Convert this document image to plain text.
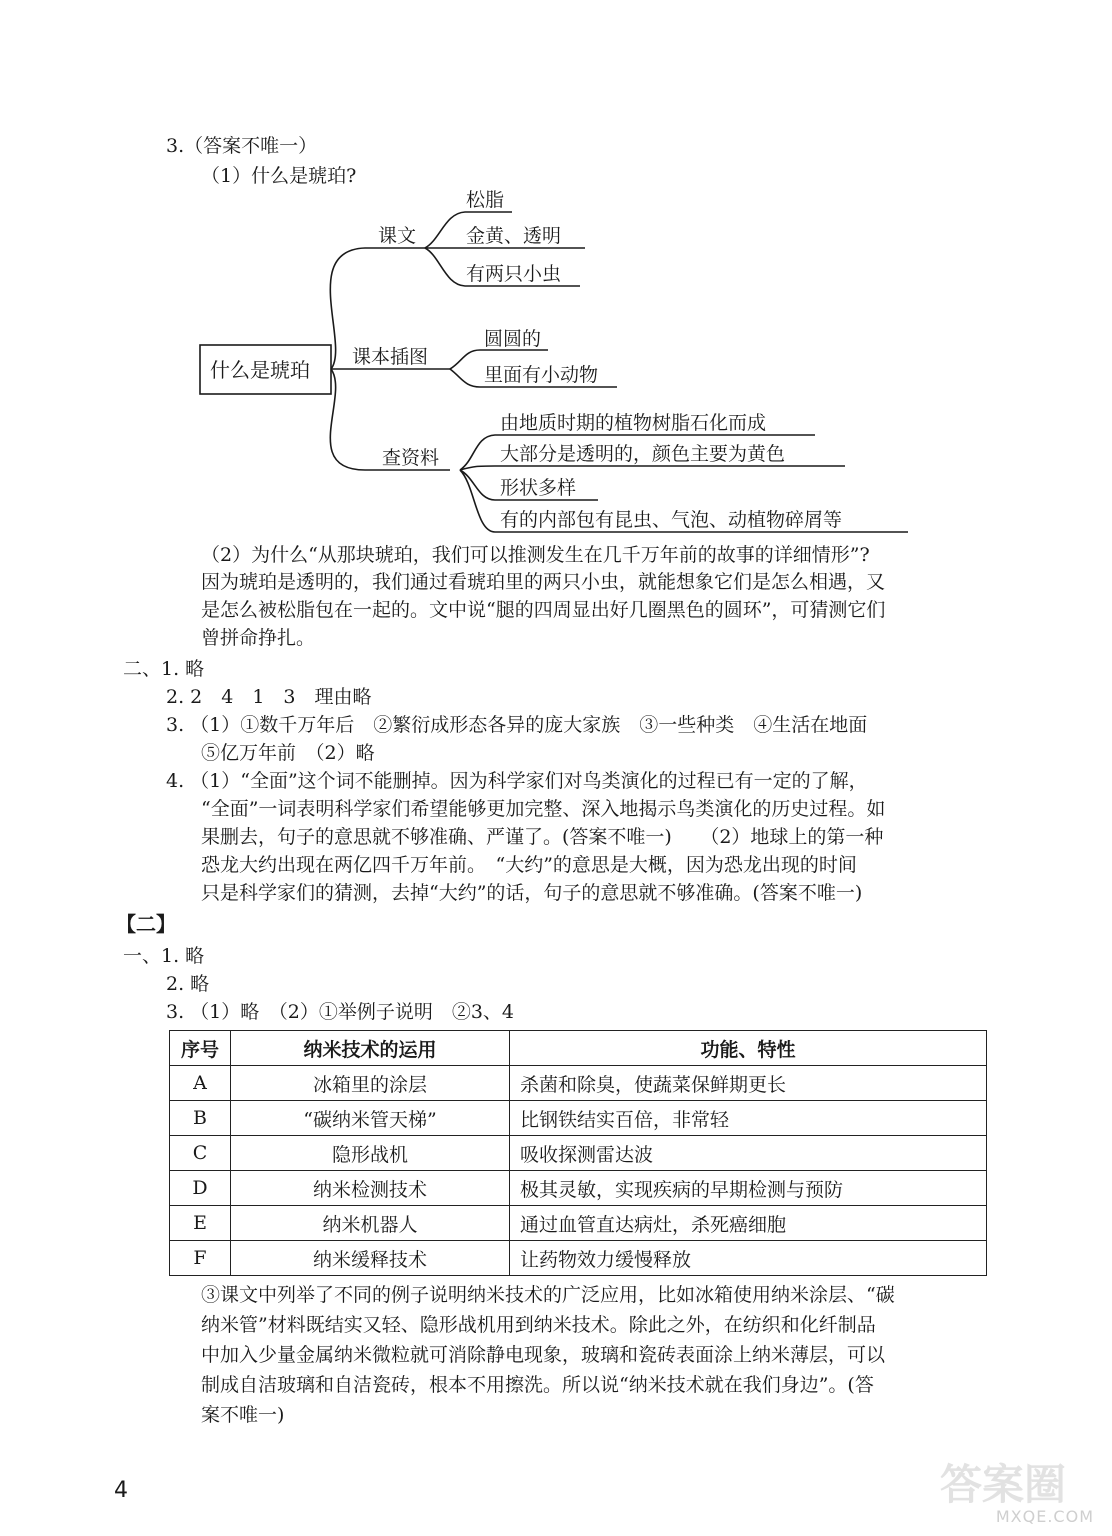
3.（答案不唯一）
（1）什么是琥珀?
什么是琥珀
课文
松脂
金黄、透明
有两只小虫
课本插图
圆圆的
里面有小动物
查资料
由地质时期的植物树脂石化而成
大部分是透明的，颜色主要为黄色
形状多样
有的内部包有昆虫、气泡、动植物碎屑等
（2）为什么“从那块琥珀，我们可以推测发生在几千万年前的故事的详细情形”?
因为琥珀是透明的，我们通过看琥珀里的两只小虫，就能想象它们是怎么相遇，又
是怎么被松脂包在一起的。文中说“腿的四周显出好几圈黑色的圆环”，可猜测它们
曾拼命挣扎。
二、1. 略
2. 2　4　1　3　理由略
3. （1）①数千万年后　②繁衍成形态各异的庞大家族　③一些种类　④生活在地面
⑤亿万年前　（2）略
4. （1）“全面”这个词不能删掉。因为科学家们对鸟类演化的过程已有一定的了解，
“全面”一词表明科学家们希望能够更加完整、深入地揭示鸟类演化的历史过程。如
果删去，句子的意思就不够准确、严谨了。(答案不唯一)　　（2）地球上的第一种
恐龙大约出现在两亿四千万年前。　“大约”的意思是大概，因为恐龙出现的时间
只是科学家们的猜测，去掉“大约”的话，句子的意思就不够准确。(答案不唯一)
【二】
一、1. 略
2. 略
3. （1）略　（2）①举例子说明　②3、4
序号	纳米技术的运用	功能、特性
A	冰箱里的涂层	杀菌和除臭，使蔬菜保鲜期更长
B	“碳纳米管天梯”	比钢铁结实百倍，非常轻
C	隐形战机	吸收探测雷达波
D	纳米检测技术	极其灵敏，实现疾病的早期检测与预防
E	纳米机器人	通过血管直达病灶，杀死癌细胞
F	纳米缓释技术	让药物效力缓慢释放
③课文中列举了不同的例子说明纳米技术的广泛应用，比如冰箱使用纳米涂层、“碳
纳米管”材料既结实又轻、隐形战机用到纳米技术。除此之外，在纺织和化纤制品
中加入少量金属纳米微粒就可消除静电现象，玻璃和瓷砖表面涂上纳米薄层，可以
制成自洁玻璃和自洁瓷砖，根本不用擦洗。所以说“纳米技术就在我们身边”。(答
案不唯一)
4	答案圈
MXQE.COM
